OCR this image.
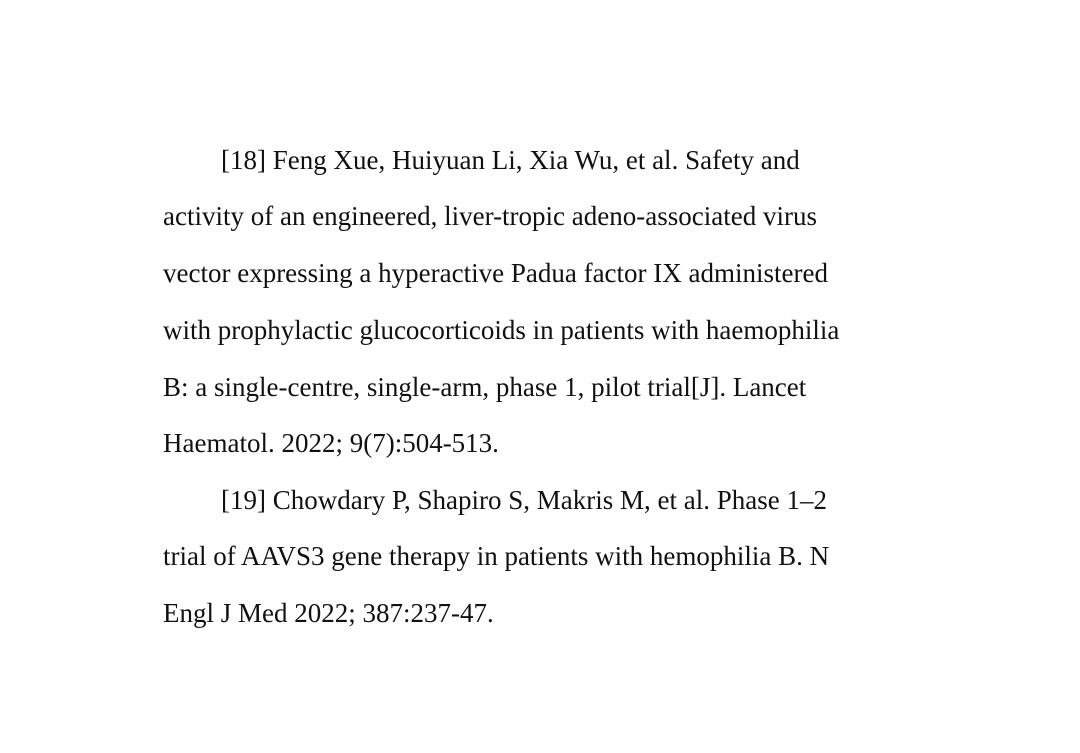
[18] Feng Xue, Huiyuan Li, Xia Wu, et al. Safety and
activity of an engineered, liver-tropic adeno-associated virus
vector expressing a hyperactive Padua factor IX administered
with prophylactic glucocorticoids in patients with haemophilia
B: a single-centre, single-arm, phase 1, pilot trial[J]. Lancet
Haematol. 2022; 9(7):504-513.
[19] Chowdary P, Shapiro S, Makris M, et al. Phase 1–2
trial of AAVS3 gene therapy in patients with hemophilia B. N
Engl J Med 2022; 387:237-47.
